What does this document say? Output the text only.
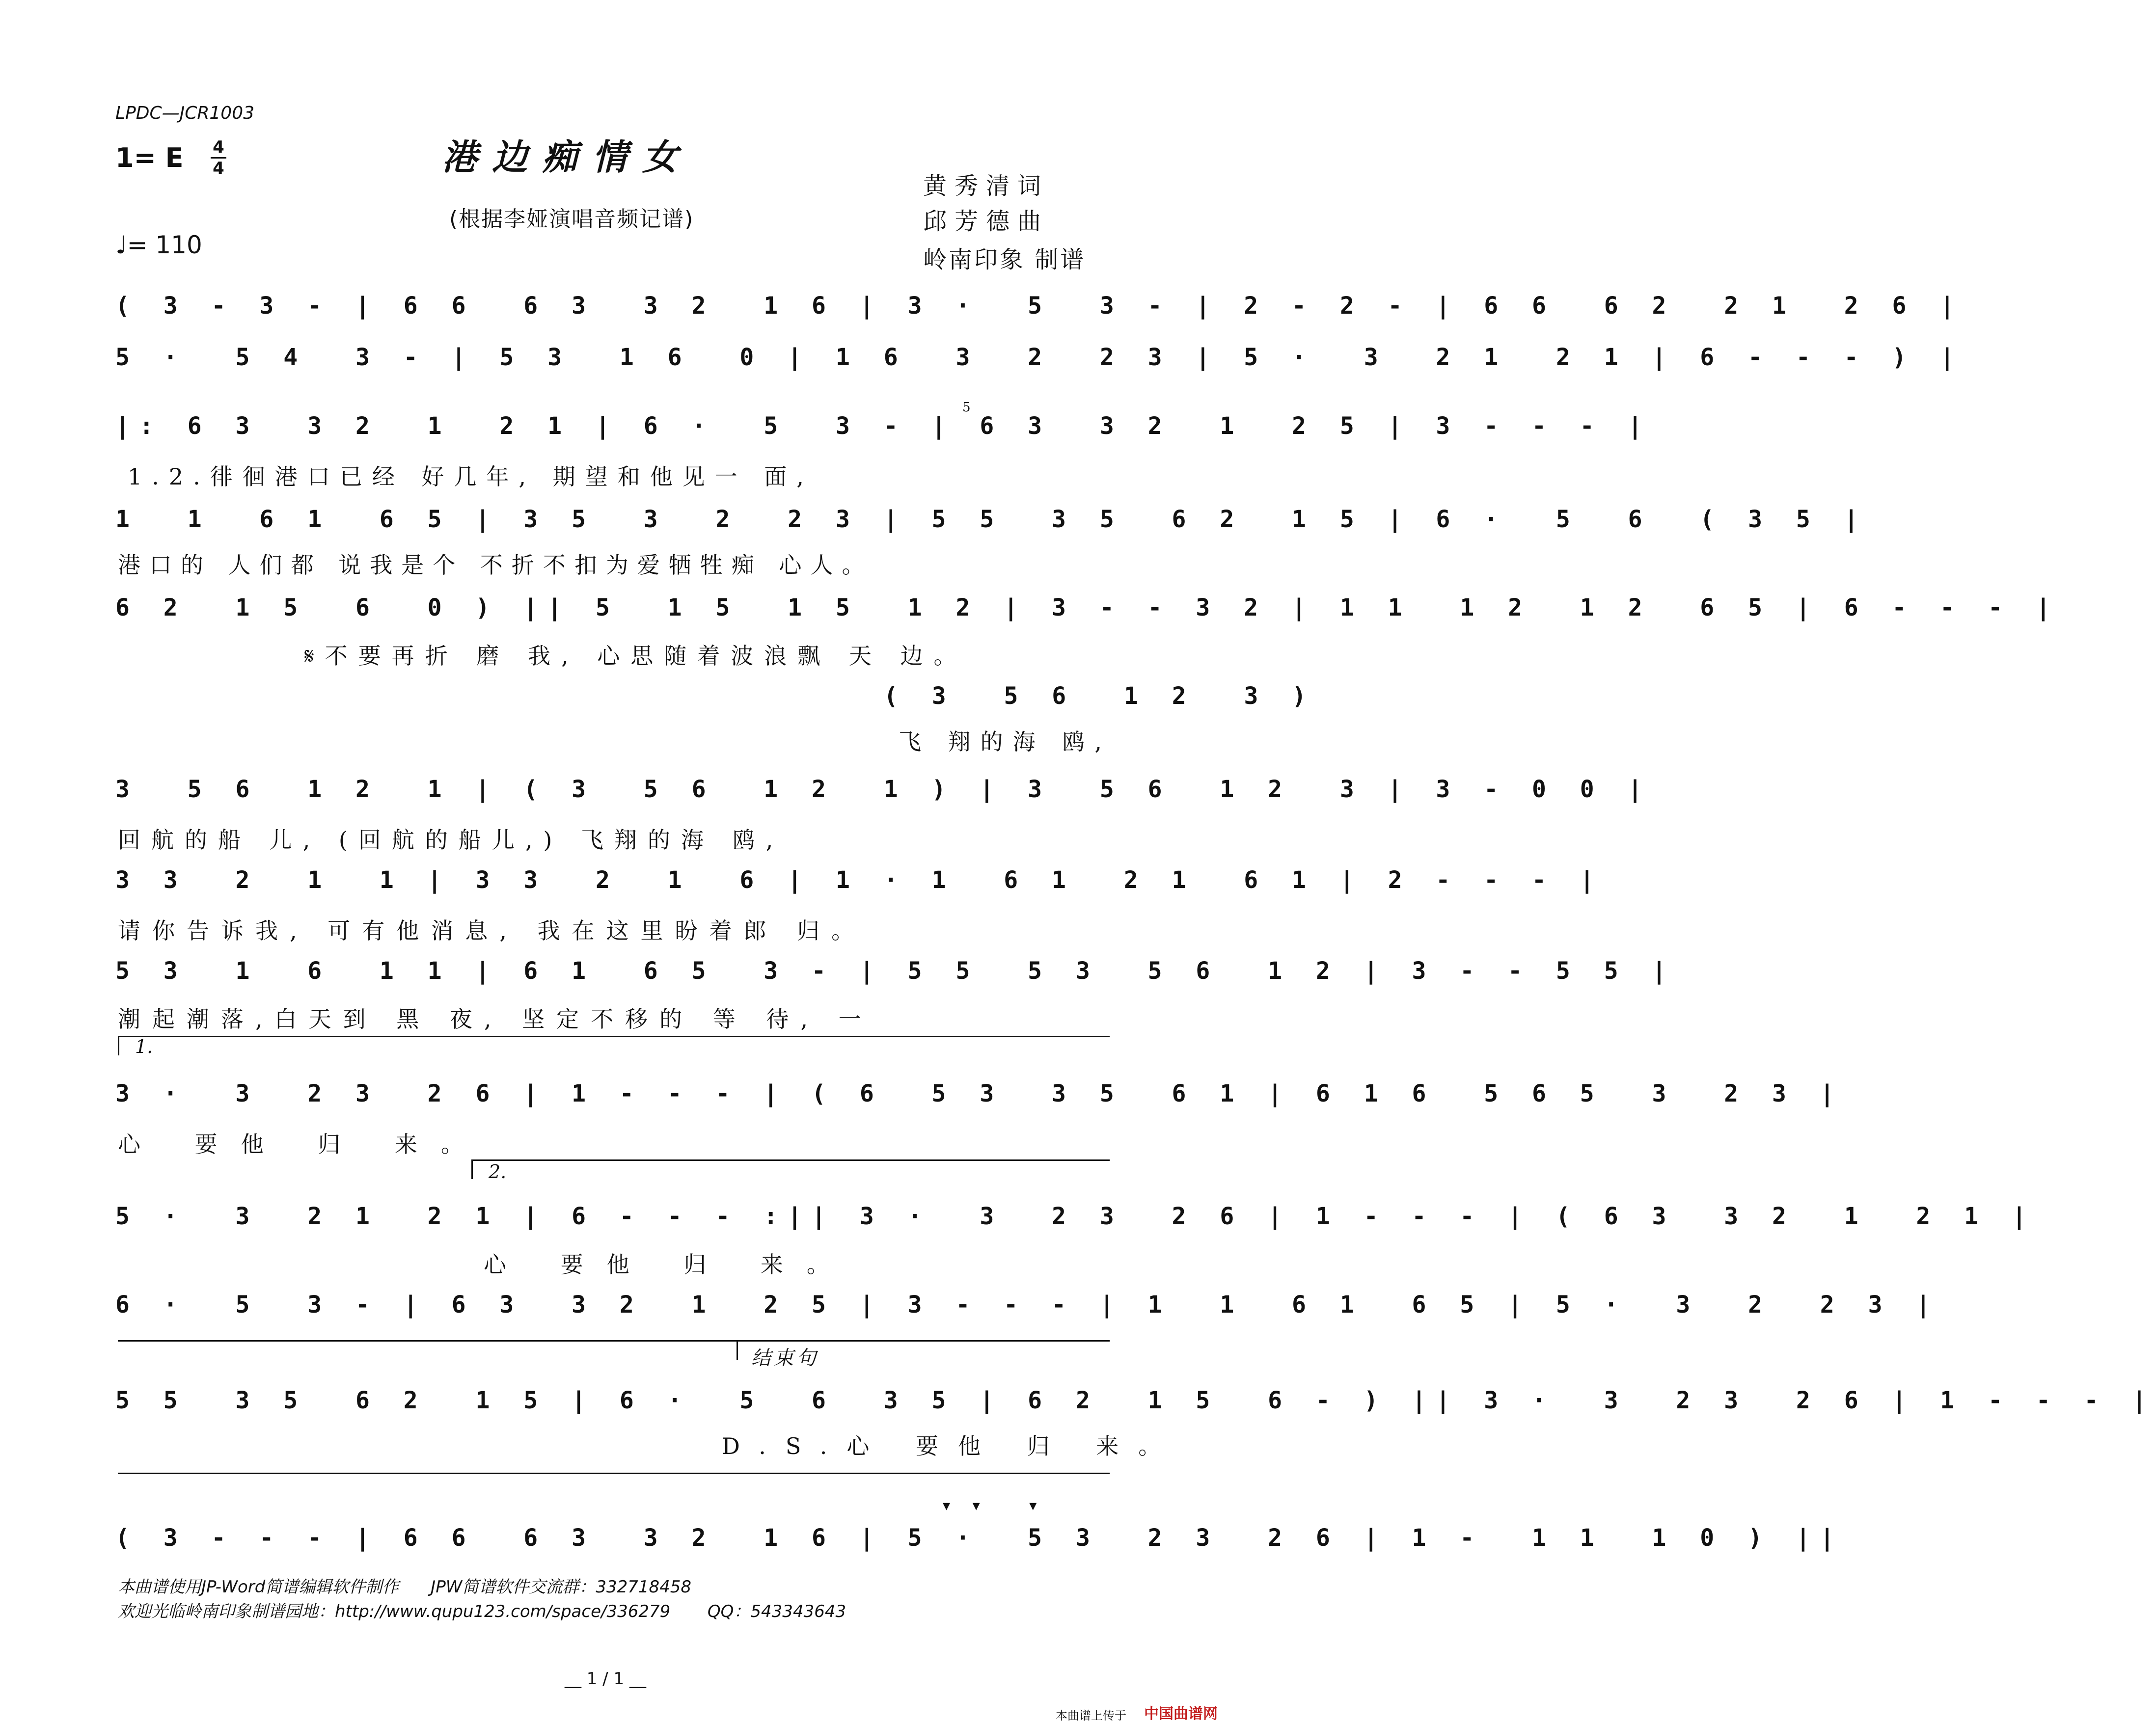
LPDC—JCR1003
1= E 4
4
♩= 110
港边痴情女
(根据李娅演唱音频记谱)
黄秀清词
邱芳德曲
岭南印象 制谱
( 3 - 3 - | 6 6  6 3  3 2  1 6 | 3 ·  5  3 - | 2 - 2 - | 6 6  6 2  2 1  2 6 |
5 ·  5 4  3 - | 5 3  1 6  0 | 1 6  3  2  2 3 | 5 ·  3  2 1  2 1 | 6 - - - ) |
|: 6 3  3 2  1  2 1 | 6 ·  5  3 - | 6 3  3 2  1  2 5 | 3 - - - |
5
1.2.徘徊港口已经 好几年, 期望和他见一 面,
1  1  6 1  6 5 | 3 5  3  2  2 3 | 5 5  3 5  6 2  1 5 | 6 ·  5  6  ( 3 5 |
港口的 人们都 说我是个 不折不扣为爱牺牲痴 心人。
6 2  1 5  6  0 ) || 5  1 5  1 5  1 2 | 3 - - 3 2 | 1 1  1 2  1 2  6 5 | 6 - - - |
𝄋不要再折 磨 我, 心思随着波浪飘 天 边。
( 3  5 6  1 2  3 )
飞 翔的海 鸥,
3  5 6  1 2  1 | ( 3  5 6  1 2  1 ) | 3  5 6  1 2  3 | 3 - 0 0 |
回航的船 儿, (回航的船儿,) 飞翔的海 鸥,
3 3  2  1  1 | 3 3  2  1  6 | 1 · 1  6 1  2 1  6 1 | 2 - - - |
请你告诉我, 可有他消息, 我在这里盼着郎 归。
5 3  1  6  1 1 | 6 1  6 5  3 - | 5 5  5 3  5 6  1 2 | 3 - - 5 5 |
潮起潮落,白天到 黑 夜, 坚定不移的 等 待, 一
1.
3 ·  3  2 3  2 6 | 1 - - - | ( 6  5 3  3 5  6 1 | 6 1 6  5 6 5  3  2 3 |
心 要他 归 来。
2.
5 ·  3  2 1  2 1 | 6 - - - :|| 3 ·  3  2 3  2 6 | 1 - - - | ( 6 3  3 2  1  2 1 |
心 要他 归 来。
6 ·  5  3 - | 6 3  3 2  1  2 5 | 3 - - - | 1  1  6 1  6 5 | 5 ·  3  2  2 3 |
结束句
5 5  3 5  6 2  1 5 | 6 ·  5  6  3 5 | 6 2  1 5  6 - ) || 3 ·  3  2 3  2 6 | 1 - - - |
D.S.心 要他 归 来。
▾ ▾   ▾
( 3 - - - | 6 6  6 3  3 2  1 6 | 5 ·  5 3  2 3  2 6 | 1 -  1 1  1 0 ) ||
本曲谱使用JP-Word简谱编辑软件制作      JPW简谱软件交流群：332718458
欢迎光临岭南印象制谱园地：http://www.qupu123.com/space/336279       QQ：543343643
__ 1 / 1 __
本曲谱上传于 中国曲谱网
